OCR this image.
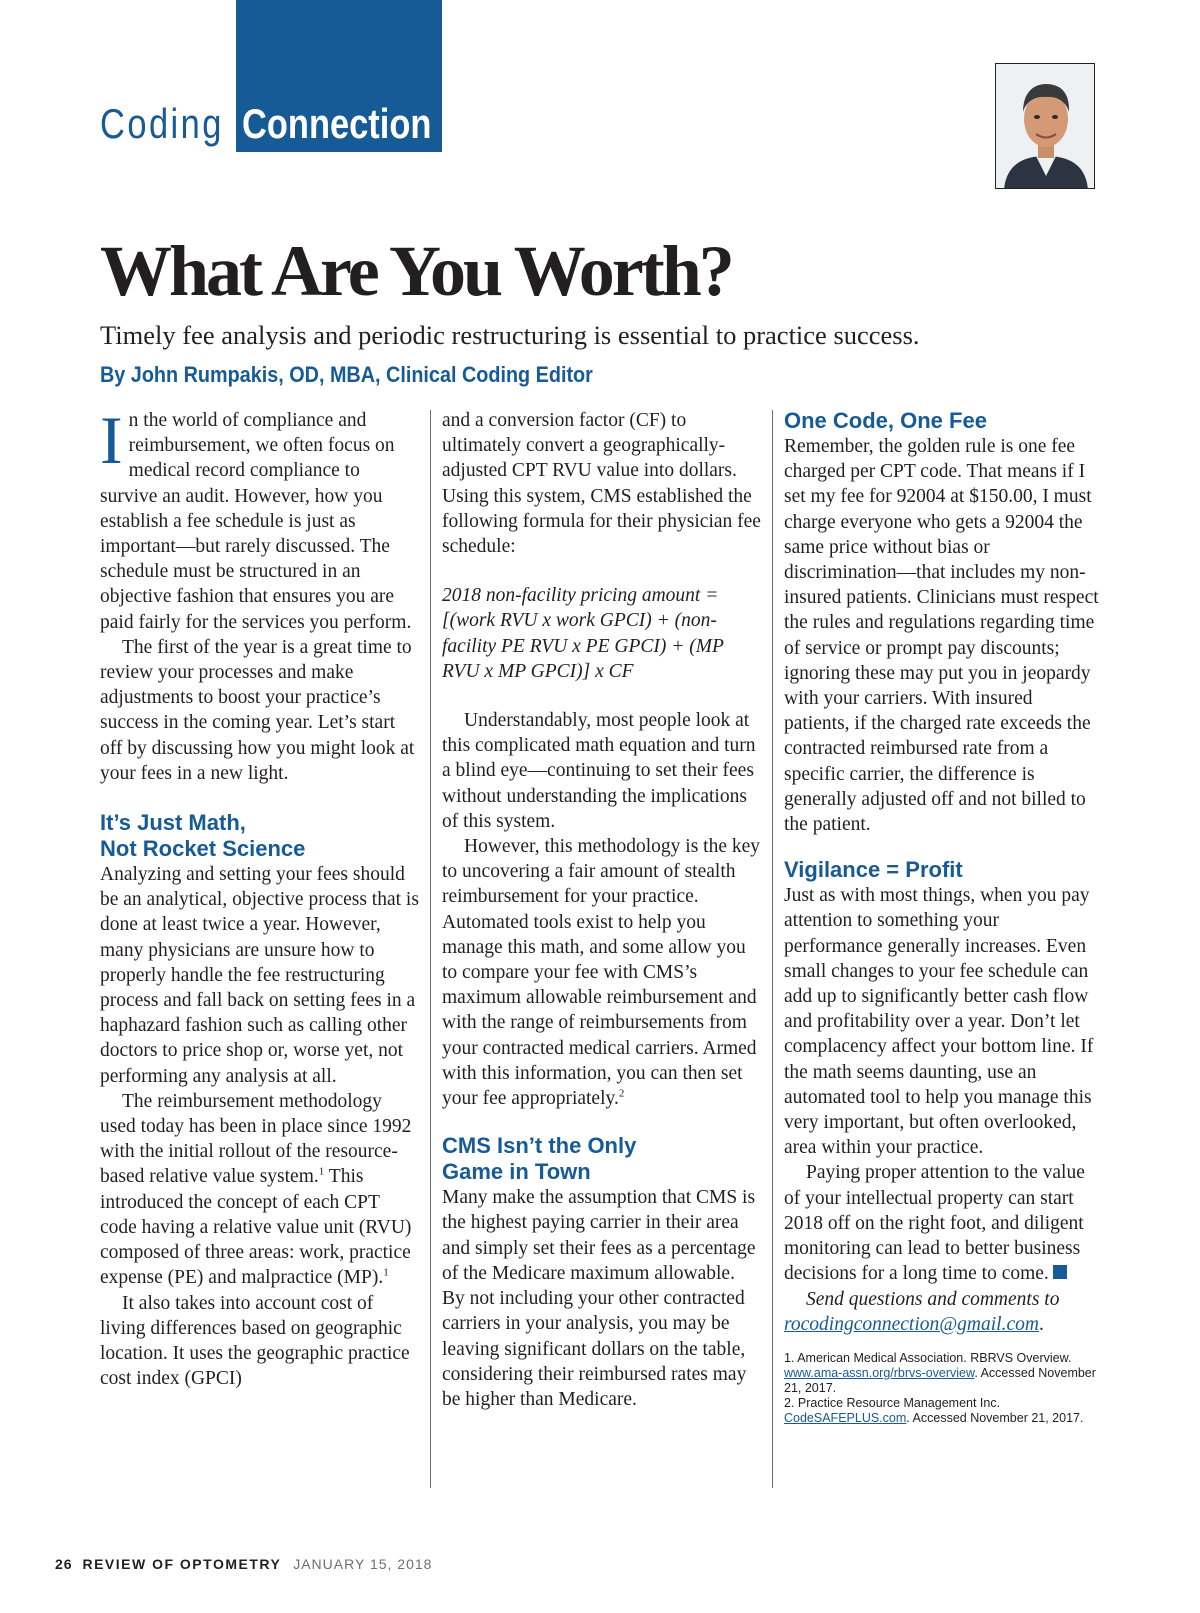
Coding Connection
What Are You Worth?

Timely fee analysis and periodic restructuring is essential to practice success.

By John Rumpakis, OD, MBA, Clinical Coding Editor

In the world of compliance and reimbursement, we often focus on medical record compliance to survive an audit. However, how you establish a fee schedule is just as important—but rarely discussed. The schedule must be structured in an objective fashion that ensures you are paid fairly for the services you perform.

The first of the year is a great time to review your processes and make adjustments to boost your practice’s success in the coming year. Let’s start off by discussing how you might look at your fees in a new light.

It’s Just Math,
Not Rocket Science

Analyzing and setting your fees should be an analytical, objective process that is done at least twice a year. However, many physicians are unsure how to properly handle the fee restructuring process and fall back on setting fees in a haphazard fashion such as calling other doctors to price shop or, worse yet, not performing any analysis at all.

The reimbursement methodology used today has been in place since 1992 with the initial rollout of the resource-based relative value system.$^1$ This introduced the concept of each CPT code having a relative value unit (RVU) composed of three areas: work, practice expense (PE) and malpractice (MP).$^1$

It also takes into account cost of living differences based on geographic location. It uses the geographic practice cost index (GPCI)

and a conversion factor (CF) to ultimately convert a geographically-adjusted CPT RVU value into dollars. Using this system, CMS established the following formula for their physician fee schedule:

2018 non-facility pricing amount = [(work RVU x work GPCI) + (non-facility PE RVU x PE GPCI) + (MP RVU x MP GPCI)] x CF

Understandably, most people look at this complicated math equation and turn a blind eye—continuing to set their fees without understanding the implications of this system.

However, this methodology is the key to uncovering a fair amount of stealth reimbursement for your practice. Automated tools exist to help you manage this math, and some allow you to compare your fee with CMS’s maximum allowable reimbursement and with the range of reimbursements from your contracted medical carriers. Armed with this information, you can then set your fee appropriately.$^2$

CMS Isn’t the Only
Game in Town

Many make the assumption that CMS is the highest paying carrier in their area and simply set their fees as a percentage of the Medicare maximum allowable. By not including your other contracted carriers in your analysis, you may be leaving significant dollars on the table, considering their reimbursed rates may be higher than Medicare.

One Code, One Fee

Remember, the golden rule is one fee charged per CPT code. That means if I set my fee for 92004 at $150.00, I must charge everyone who gets a 92004 the same price without bias or discrimination—that includes my non-insured patients. Clinicians must respect the rules and regulations regarding time of service or prompt pay discounts; ignoring these may put you in jeopardy with your carriers. With insured patients, if the charged rate exceeds the contracted reimbursed rate from a specific carrier, the difference is generally adjusted off and not billed to the patient.

Vigilance = Profit

Just as with most things, when you pay attention to something your performance generally increases. Even small changes to your fee schedule can add up to significantly better cash flow and profitability over a year. Don’t let complacency affect your bottom line. If the math seems daunting, use an automated tool to help you manage this very important, but often overlooked, area within your practice.

Paying proper attention to the value of your intellectual property can start 2018 off on the right foot, and diligent monitoring can lead to better business decisions for a long time to come.

Send questions and comments to
rocodingconnection@gmail.com.

1. American Medical Association. RBRVS Overview. www.ama-assn.org/rbrvs-overview. Accessed November 21, 2017.
2. Practice Resource Management Inc. CodeSAFEPLUS.com. Accessed November 21, 2017.
26 REVIEW OF OPTOMETRY JANUARY 15, 2018
